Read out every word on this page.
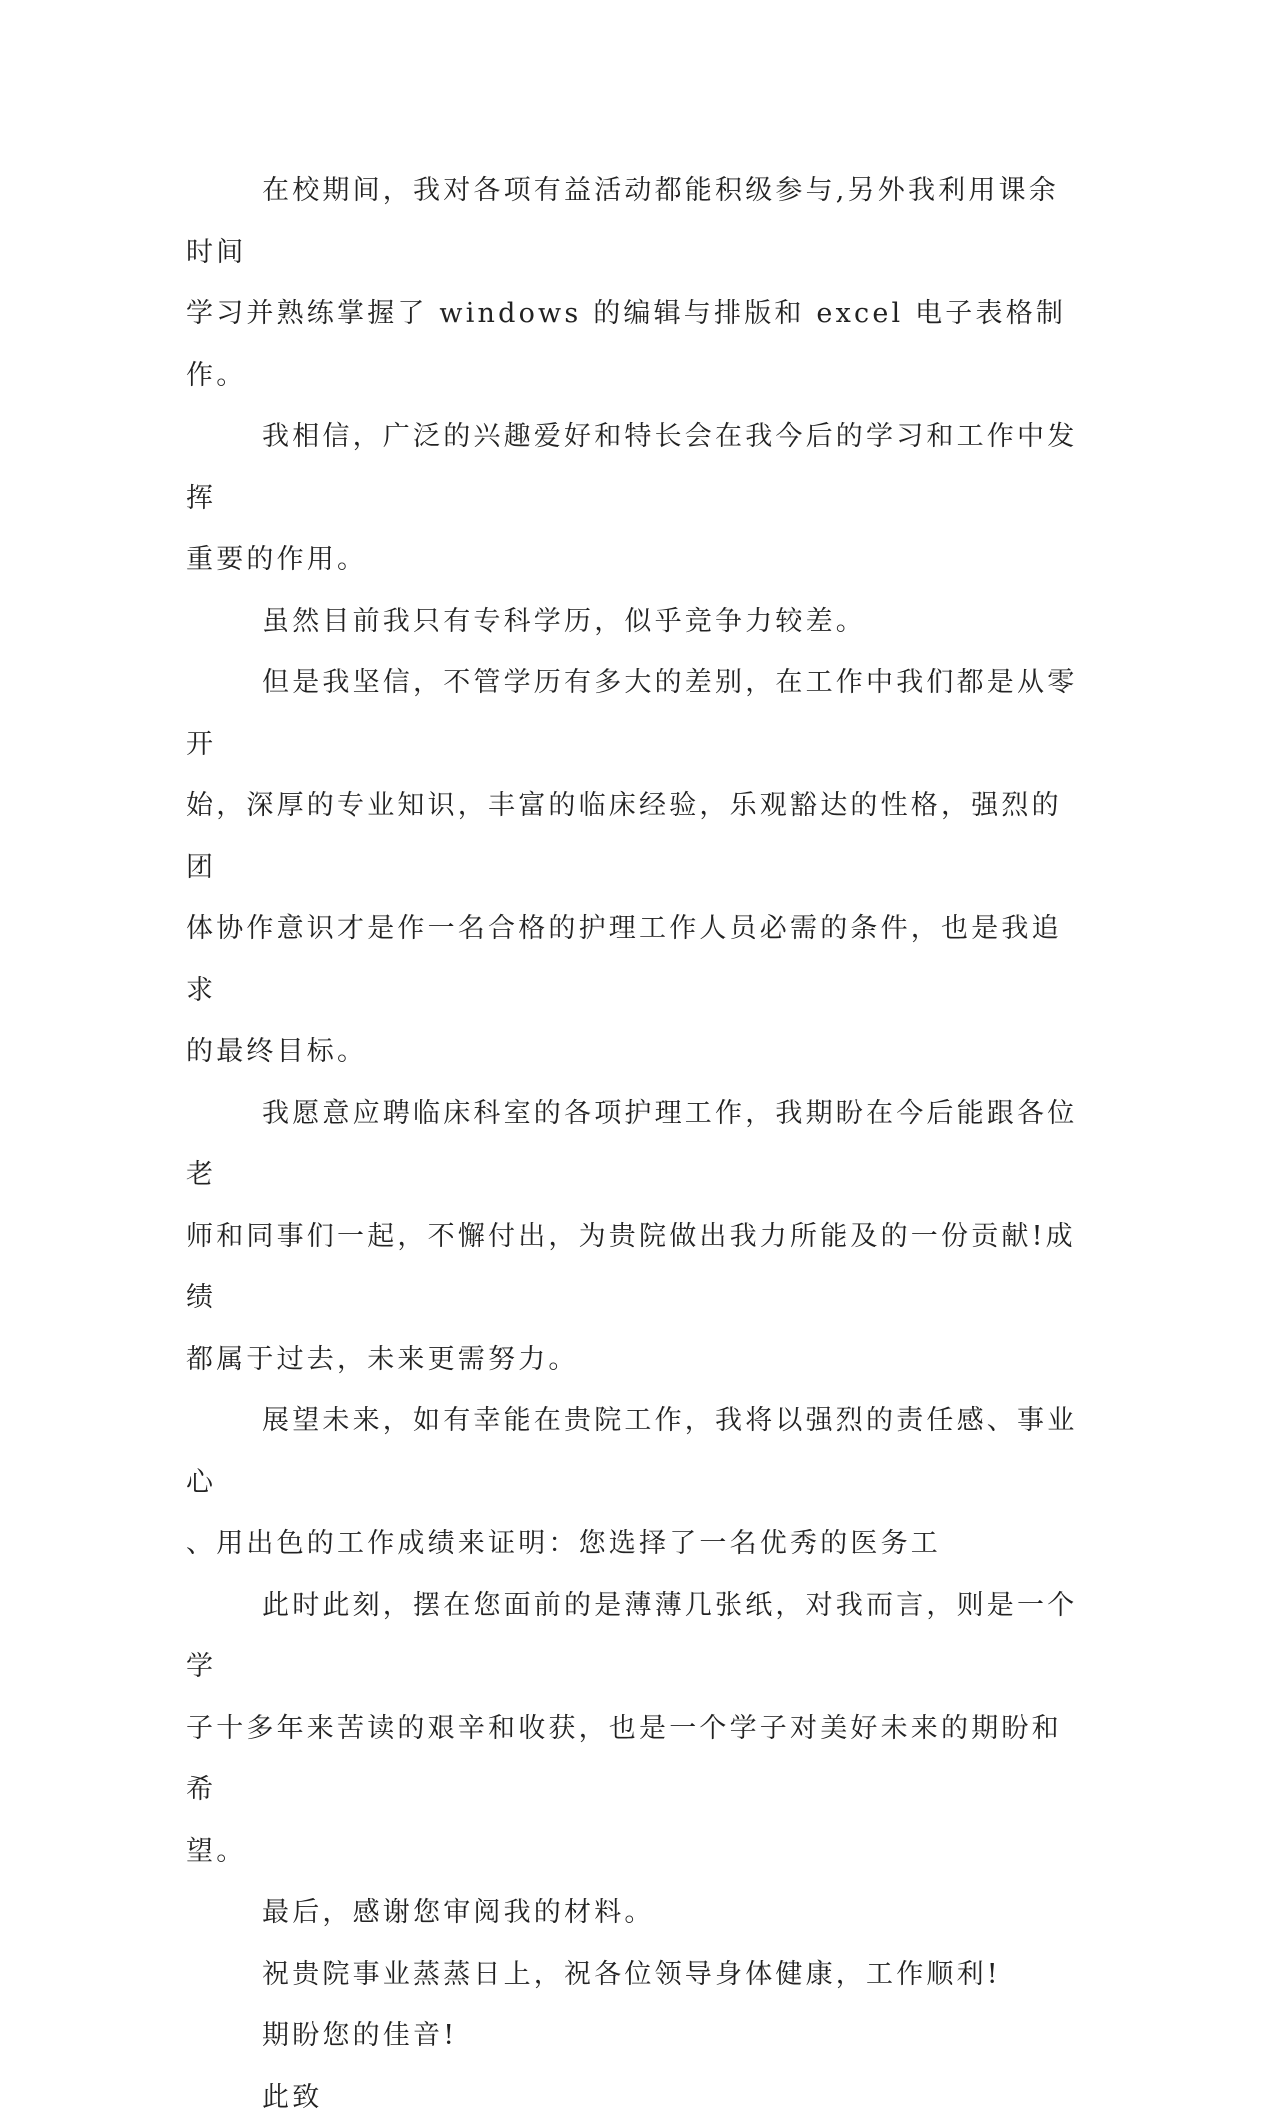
在校期间，我对各项有益活动都能积级参与,另外我利用课余时间
学习并熟练掌握了 windows 的编辑与排版和 excel 电子表格制作。

我相信，广泛的兴趣爱好和特长会在我今后的学习和工作中发挥
重要的作用。

虽然目前我只有专科学历，似乎竞争力较差。

但是我坚信，不管学历有多大的差别，在工作中我们都是从零开
始，深厚的专业知识，丰富的临床经验，乐观豁达的性格，强烈的团
体协作意识才是作一名合格的护理工作人员必需的条件，也是我追求
的最终目标。

我愿意应聘临床科室的各项护理工作，我期盼在今后能跟各位老
师和同事们一起，不懈付出，为贵院做出我力所能及的一份贡献!成绩
都属于过去，未来更需努力。

展望未来，如有幸能在贵院工作，我将以强烈的责任感、事业心
、用出色的工作成绩来证明：您选择了一名优秀的医务工

此时此刻，摆在您面前的是薄薄几张纸，对我而言，则是一个学
子十多年来苦读的艰辛和收获，也是一个学子对美好未来的期盼和希
望。

最后，感谢您审阅我的材料。

祝贵院事业蒸蒸日上，祝各位领导身体健康，工作顺利!

期盼您的佳音!

此致
